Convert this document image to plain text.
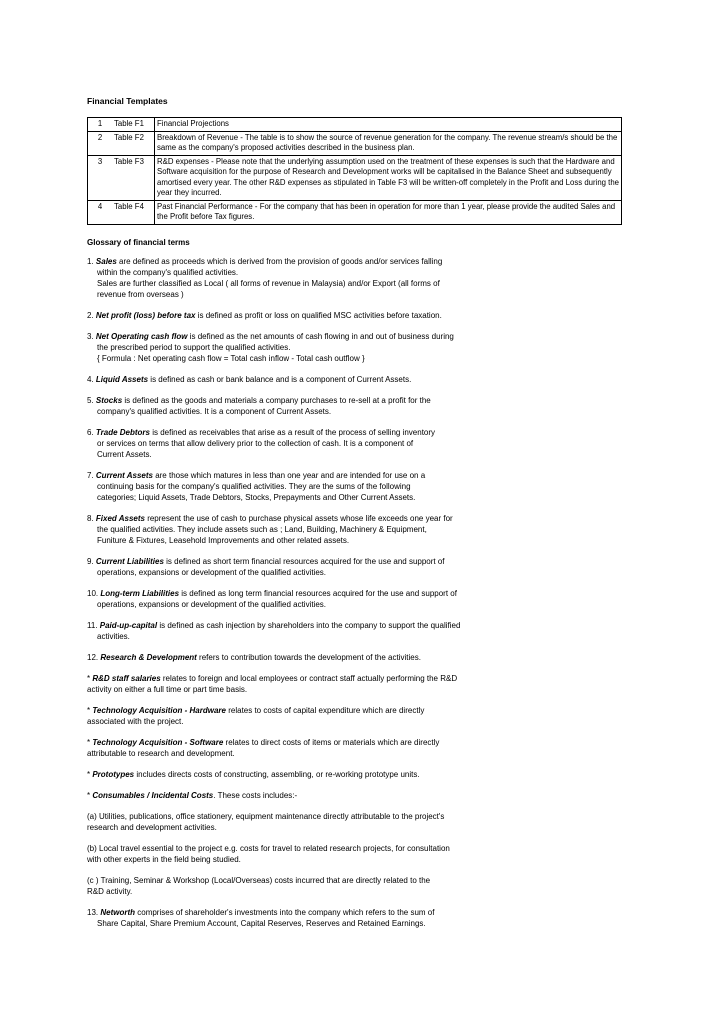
Financial Templates
1	Table F1	Financial Projections
2	Table F2	Breakdown of Revenue - The table is to show the source of revenue generation for the company. The revenue stream/s should be the same as the company's proposed activities described in the business plan.
3	Table F3	R&D expenses - Please note that the underlying assumption used on the treatment of these expenses is such that the Hardware and Software acquisition for the purpose of Research and Development works will be capitalised in the Balance Sheet and subsequently amortised every year. The other R&D expenses as stipulated in Table F3 will be written-off completely in the Profit and Loss during the year they incurred.
4	Table F4	Past Financial Performance - For the company that has been in operation for more than 1 year, please provide the audited Sales and the Profit before Tax figures.
Glossary of financial terms

1. Sales are defined as proceeds which is derived from the provision of goods and/or services falling
within the company's qualified activities.
Sales are further classified as Local ( all forms of revenue in Malaysia) and/or Export (all forms of
revenue from overseas )

2. Net profit (loss) before tax is defined as profit or loss on qualified MSC activities before taxation.

3. Net Operating cash flow is defined as the net amounts of cash flowing in and out of business during
the prescribed period to support the qualified activities.
{ Formula : Net operating cash flow = Total cash inflow - Total cash outflow }

4. Liquid Assets is defined as cash or bank balance and is a component of Current Assets.

5. Stocks is defined as the goods and materials a company purchases to re-sell at a profit for the
company's qualified activities. It is a component of Current Assets.

6. Trade Debtors is defined as receivables that arise as a result of the process of selling inventory
or services on terms that allow delivery prior to the collection of cash. It is a component of
Current Assets.

7. Current Assets are those which matures in less than one year and are intended for use on a
continuing basis for the company's qualified activities. They are the sums of the following
categories; Liquid Assets, Trade Debtors, Stocks, Prepayments and Other Current Assets.

8. Fixed Assets represent the use of cash to purchase physical assets whose life exceeds one year for
the qualified activities. They include assets such as ; Land, Building, Machinery & Equipment,
Funiture & Fixtures, Leasehold Improvements and other related assets.

9. Current Liabilities is defined as short term financial resources acquired for the use and support of
operations, expansions or development of the qualified activities.

10. Long-term Liabilities is defined as long term financial resources acquired for the use and support of
operations, expansions or development of the qualified activities.

11. Paid-up-capital is defined as cash injection by shareholders into the company to support the qualified
activities.

12. Research & Development refers to contribution towards the development of the activities.

* R&D staff salaries relates to foreign and local employees or contract staff actually performing the R&D
activity on either a full time or part time basis.

* Technology Acquisition - Hardware relates to costs of capital expenditure which are directly
associated with the project.

* Technology Acquisition - Software relates to direct costs of items or materials which are directly
attributable to research and development.

* Prototypes includes directs costs of constructing, assembling, or re-working prototype units.

* Consumables / Incidental Costs. These costs includes:-

(a) Utilities, publications, office stationery, equipment maintenance directly attributable to the project's
research and development activities.

(b) Local travel essential to the project e.g. costs for travel to related research projects, for consultation
with other experts in the field being studied.

(c ) Training, Seminar & Workshop (Local/Overseas) costs incurred that are directly related to the
R&D activity.

13. Networth comprises of shareholder's investments into the company which refers to the sum of
Share Capital, Share Premium Account, Capital Reserves, Reserves and Retained Earnings.
